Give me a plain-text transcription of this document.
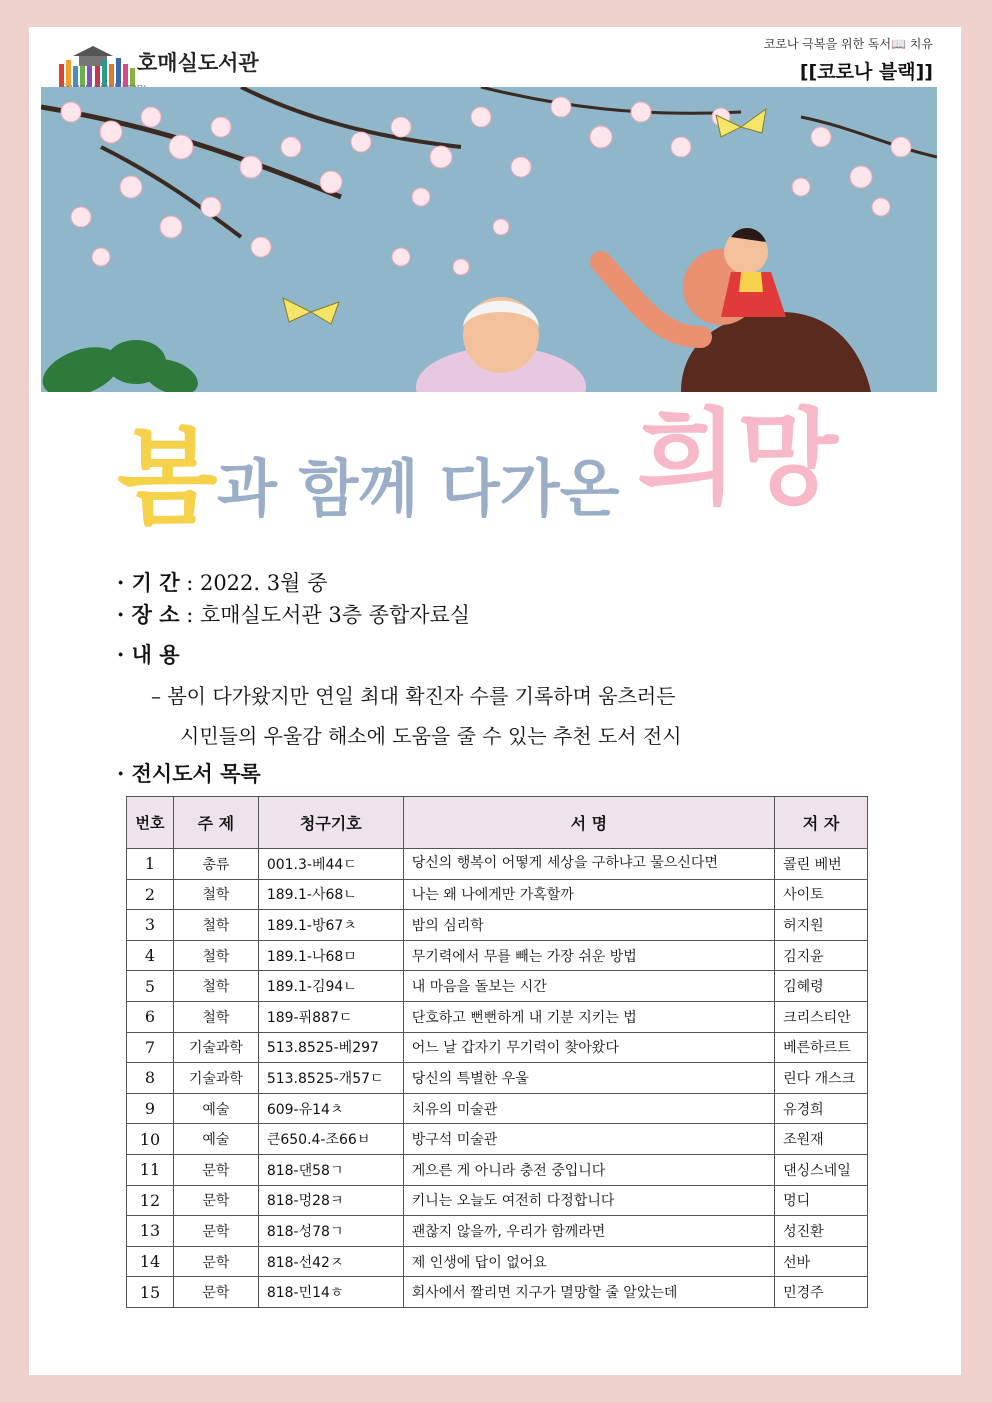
호매실도서관
코로나 극복을 위한 독서📖 치유
[[코로나 블랙]]
봄 과 함께 다가온 희망
· 기 간 : 2022. 3월 중
· 장 소 : 호매실도서관 3층 종합자료실
· 내 용
– 봄이 다가왔지만 연일 최대 확진자 수를 기록하며 움츠러든
시민들의 우울감 해소에 도움을 줄 수 있는 추천 도서 전시
· 전시도서 목록
번호	주 제	청구기호	서 명	저 자
1	총류	001.3-베44ㄷ	당신의 행복이 어떻게 세상을 구하냐고 물으신다면	콜린 베번
2	철학	189.1-사68ㄴ	나는 왜 나에게만 가혹할까	사이토
3	철학	189.1-방67ㅊ	밤의 심리학	허지원
4	철학	189.1-나68ㅁ	무기력에서 무를 빼는 가장 쉬운 방법	김지윤
5	철학	189.1-김94ㄴ	내 마음을 돌보는 시간	김혜령
6	철학	189-퓌887ㄷ	단호하고 뻔뻔하게 내 기분 지키는 법	크리스티안
7	기술과학	513.8525-베297	어느 날 갑자기 무기력이 찾아왔다	베른하르트
8	기술과학	513.8525-개57ㄷ	당신의 특별한 우울	린다 개스크
9	예술	609-유14ㅊ	치유의 미술관	유경희
10	예술	큰650.4-조66ㅂ	방구석 미술관	조원재
11	문학	818-댄58ㄱ	게으른 게 아니라 충전 중입니다	댄싱스네일
12	문학	818-멍28ㅋ	키니는 오늘도 여전히 다정합니다	멍디
13	문학	818-성78ㄱ	괜찮지 않을까, 우리가 함께라면	성진환
14	문학	818-선42ㅈ	제 인생에 답이 없어요	선바
15	문학	818-민14ㅎ	회사에서 짤리면 지구가 멸망할 줄 알았는데	민경주
